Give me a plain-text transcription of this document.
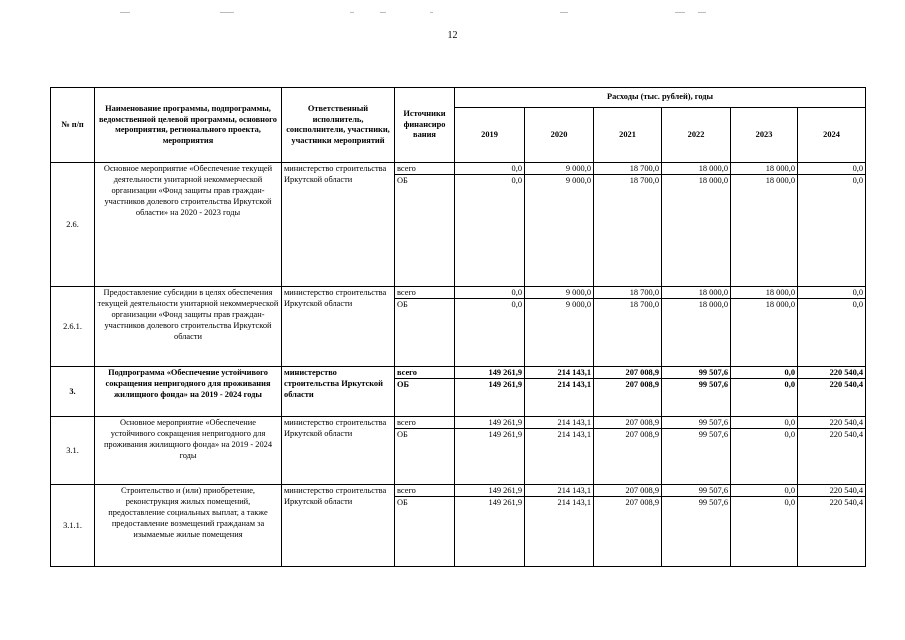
12
№ п/п	Наименование программы, подпрограммы, ведомственной целевой программы, основного мероприятия, регионального проекта, мероприятия	Ответственный исполнитель, соисполнители, участники, участники мероприятий	Источники финансиро вания	Расходы (тыс. рублей), годы					
				2019	2020	2021	2022	2023	2024
2.6.	Основное мероприятие «Обеспечение текущей деятельности унитарной некоммерческой организации «Фонд защиты прав граждан-участников долевого строительства Иркутской области» на 2020 - 2023 годы	министерство строительства Иркутской области	всего	0,0	9 000,0	18 700,0	18 000,0	18 000,0	0,0
			ОБ	0,0	9 000,0	18 700,0	18 000,0	18 000,0	0,0
2.6.1.	Предоставление субсидии в целях обеспечения текущей деятельности унитарной некоммерческой организации «Фонд защиты прав граждан-участников долевого строительства Иркутской области	министерство строительства Иркутской области	всего	0,0	9 000,0	18 700,0	18 000,0	18 000,0	0,0
			ОБ	0,0	9 000,0	18 700,0	18 000,0	18 000,0	0,0
3.	Подпрограмма «Обеспечение устойчивого сокращения непригодного для проживания жилищного фонда» на 2019 - 2024 годы	министерство строительства Иркутской области	всего	149 261,9	214 143,1	207 008,9	99 507,6	0,0	220 540,4
			ОБ	149 261,9	214 143,1	207 008,9	99 507,6	0,0	220 540,4
3.1.	Основное мероприятие «Обеспечение устойчивого сокращения непригодного для проживания жилищного фонда» на 2019 - 2024 годы	министерство строительства Иркутской области	всего	149 261,9	214 143,1	207 008,9	99 507,6	0,0	220 540,4
			ОБ	149 261,9	214 143,1	207 008,9	99 507,6	0,0	220 540,4
3.1.1.	Строительство и (или) приобретение, реконструкция жилых помещений, предоставление социальных выплат, а также предоставление возмещений гражданам за изымаемые жилые помещения	министерство строительства Иркутской области	всего	149 261,9	214 143,1	207 008,9	99 507,6	0,0	220 540,4
			ОБ	149 261,9	214 143,1	207 008,9	99 507,6	0,0	220 540,4
